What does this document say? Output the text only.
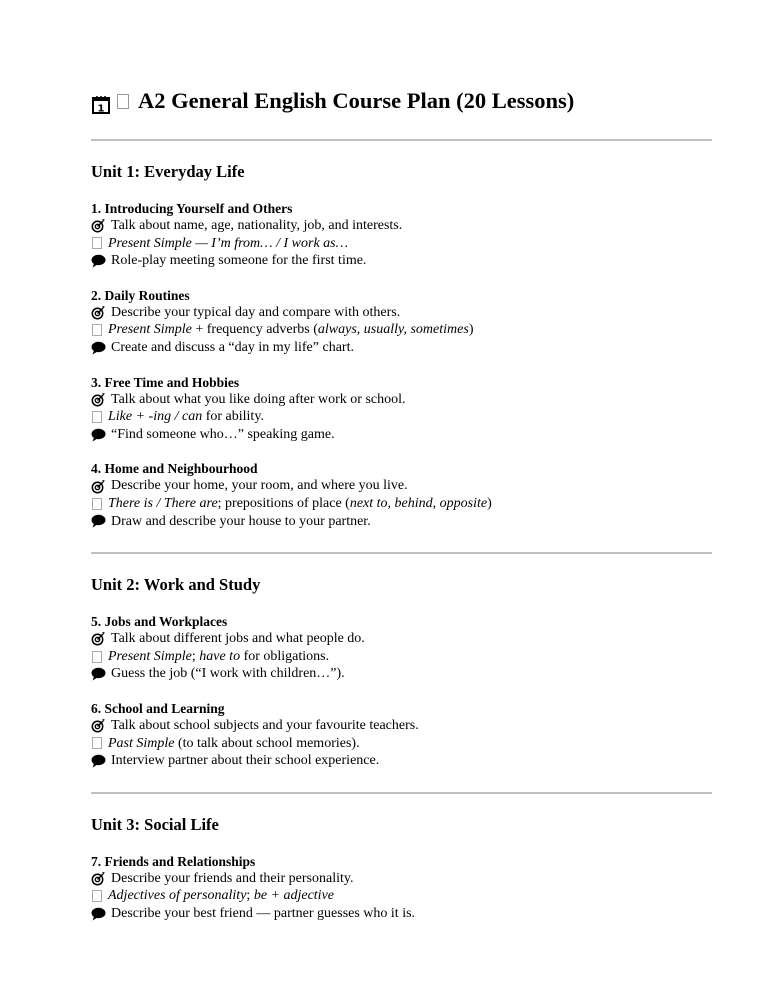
1 A2 General English Course Plan (20 Lessons)
Unit 1: Everyday Life
1. Introducing Yourself and Others
Talk about name, age, nationality, job, and interests.
Present Simple — I’m from… / I work as…
Role-play meeting someone for the first time.
2. Daily Routines
Describe your typical day and compare with others.
Present Simple + frequency adverbs (always, usually, sometimes)
Create and discuss a “day in my life” chart.
3. Free Time and Hobbies
Talk about what you like doing after work or school.
Like + -ing / can for ability.
“Find someone who…” speaking game.
4. Home and Neighbourhood
Describe your home, your room, and where you live.
There is / There are; prepositions of place (next to, behind, opposite)
Draw and describe your house to your partner.
Unit 2: Work and Study
5. Jobs and Workplaces
Talk about different jobs and what people do.
Present Simple; have to for obligations.
Guess the job (“I work with children…”).
6. School and Learning
Talk about school subjects and your favourite teachers.
Past Simple (to talk about school memories).
Interview partner about their school experience.
Unit 3: Social Life
7. Friends and Relationships
Describe your friends and their personality.
Adjectives of personality; be + adjective
Describe your best friend — partner guesses who it is.
